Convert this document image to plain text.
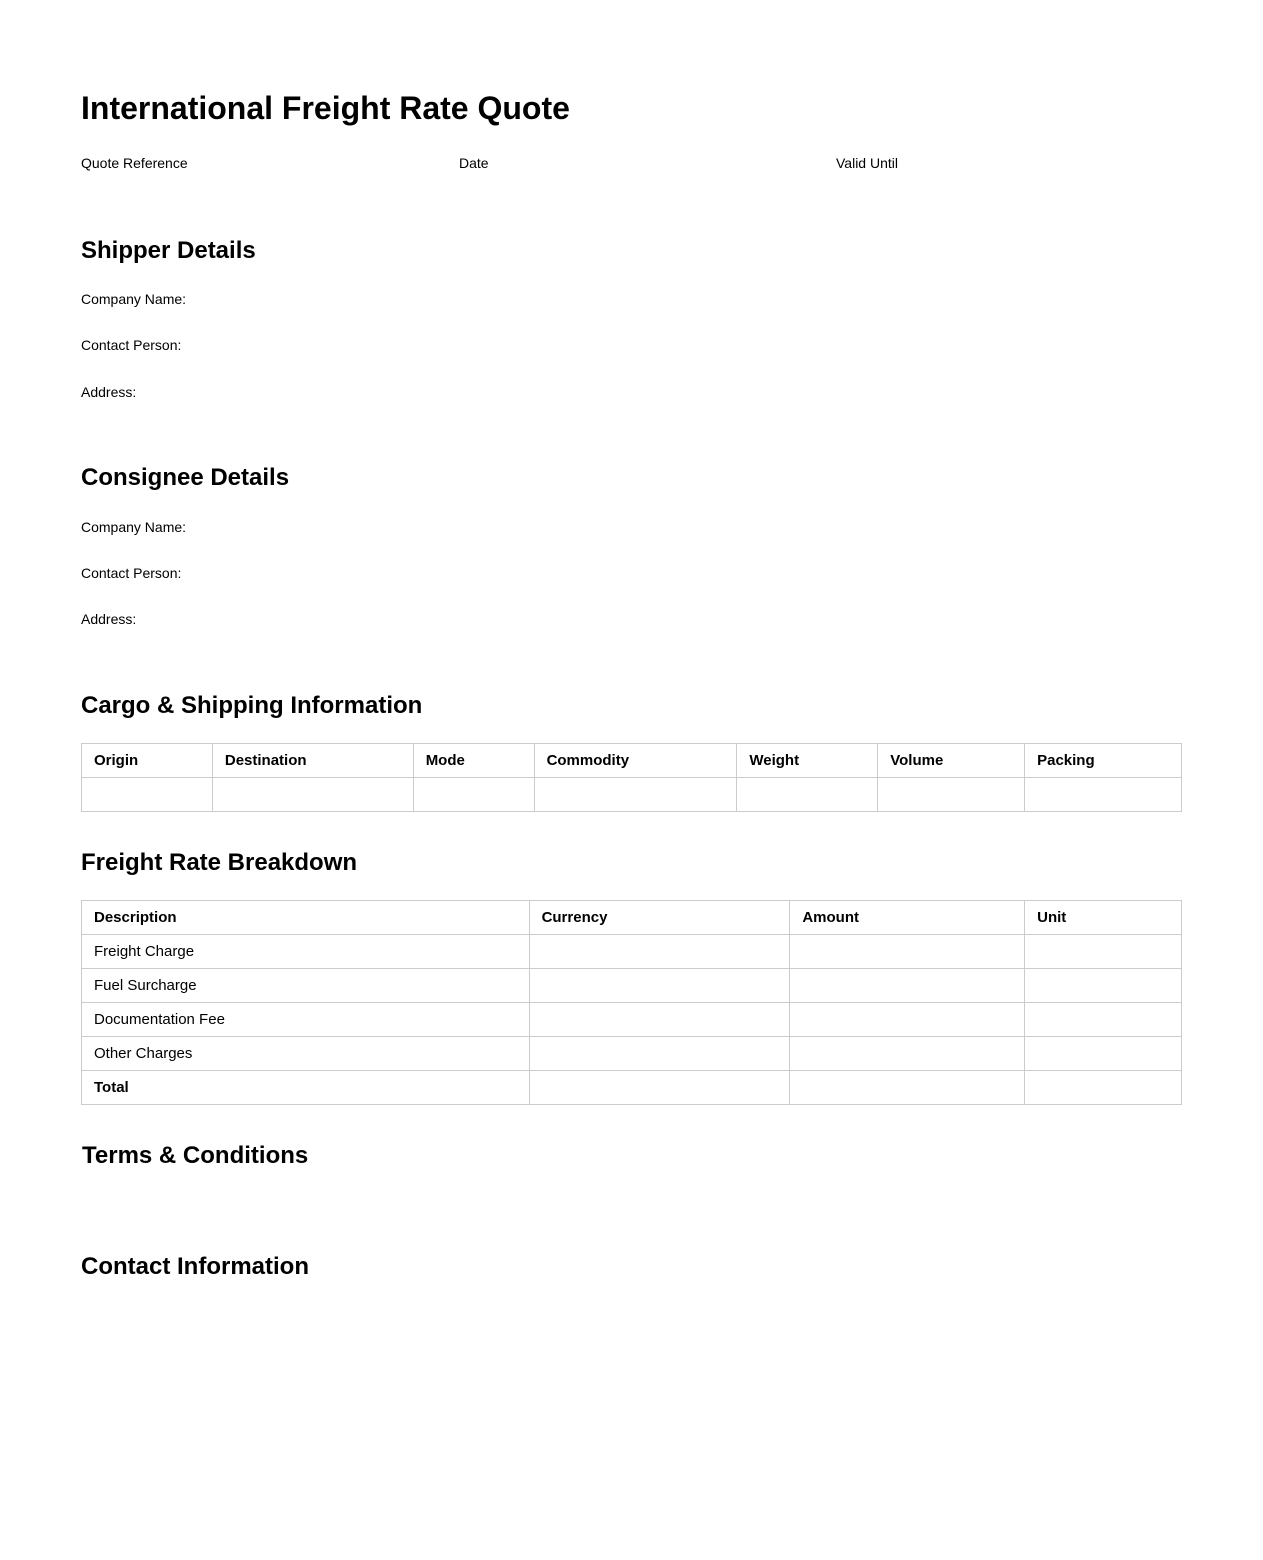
International Freight Rate Quote
Quote Reference	Date	Valid Until
Shipper Details
Company Name:
Contact Person:
Address:
Consignee Details
Company Name:
Contact Person:
Address:
Cargo & Shipping Information
Origin	Destination	Mode	Commodity	Weight	Volume	Packing

Freight Rate Breakdown
Description	Currency	Amount	Unit
Freight Charge			
Fuel Surcharge			
Documentation Fee			
Other Charges			
Total			
Terms & Conditions
Contact Information
